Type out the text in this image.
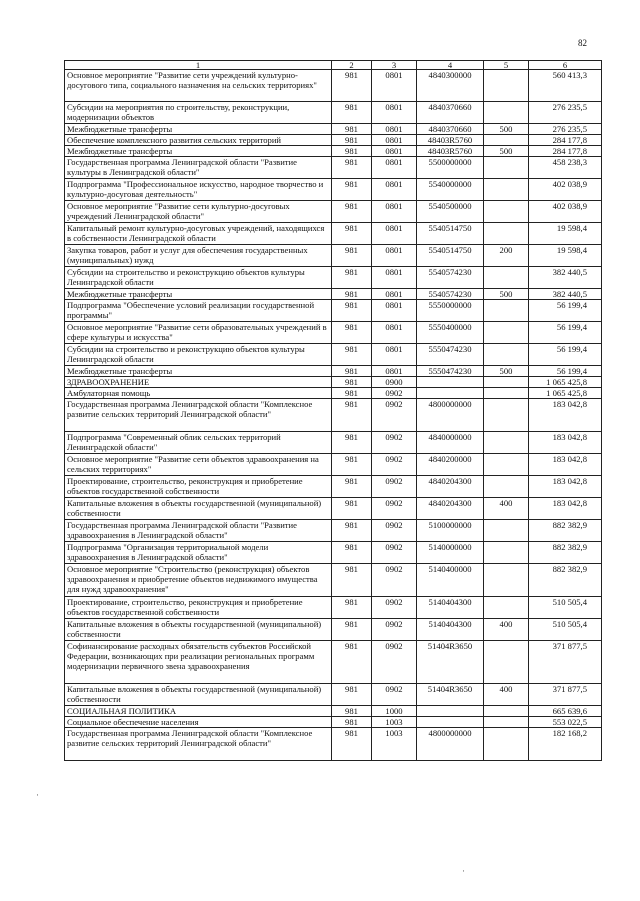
82
1	2	3	4	5	6
Основное мероприятие "Развитие сети учреждений культурно-досугового типа, социального назначения на сельских территориях"	981	0801	4840300000		560 413,3
Субсидии на мероприятия по строительству, реконструкции, модернизации объектов	981	0801	4840370660		276 235,5
Межбюджетные трансферты	981	0801	4840370660	500	276 235,5
Обеспечение комплексного развития сельских территорий	981	0801	48403R5760		284 177,8
Межбюджетные трансферты	981	0801	48403R5760	500	284 177,8
Государственная программа Ленинградской области "Развитие культуры в Ленинградской области"	981	0801	5500000000		458 238,3
Подпрограмма "Профессиональное искусство, народное творчество и культурно-досуговая деятельность"	981	0801	5540000000		402 038,9
Основное мероприятие "Развитие сети культурно-досуговых учреждений Ленинградской области"	981	0801	5540500000		402 038,9
Капитальный ремонт культурно-досуговых учреждений, находящихся в собственности Ленинградской области	981	0801	5540514750		19 598,4
Закупка товаров, работ и услуг для обеспечения государственных (муниципальных) нужд	981	0801	5540514750	200	19 598,4
Субсидии на строительство и реконструкцию объектов культуры Ленинградской области	981	0801	5540574230		382 440,5
Межбюджетные трансферты	981	0801	5540574230	500	382 440,5
Подпрограмма "Обеспечение условий реализации государственной программы"	981	0801	5550000000		56 199,4
Основное мероприятие "Развитие сети образовательных учреждений в сфере культуры и искусства"	981	0801	5550400000		56 199,4
Субсидии на строительство и реконструкцию объектов культуры Ленинградской области	981	0801	5550474230		56 199,4
Межбюджетные трансферты	981	0801	5550474230	500	56 199,4
ЗДРАВООХРАНЕНИЕ	981	0900			1 065 425,8
Амбулаторная помощь	981	0902			1 065 425,8
Государственная программа Ленинградской области "Комплексное развитие сельских территорий Ленинградской области"	981	0902	4800000000		183 042,8
Подпрограмма "Современный облик сельских территорий Ленинградской области"	981	0902	4840000000		183 042,8
Основное мероприятие "Развитие сети объектов здравоохранения на сельских территориях"	981	0902	4840200000		183 042,8
Проектирование, строительство, реконструкция и приобретение объектов государственной собственности	981	0902	4840204300		183 042,8
Капитальные вложения в объекты государственной (муниципальной) собственности	981	0902	4840204300	400	183 042,8
Государственная программа Ленинградской области "Развитие здравоохранения в Ленинградской области"	981	0902	5100000000		882 382,9
Подпрограмма "Организация территориальной модели здравоохранения в Ленинградской области"	981	0902	5140000000		882 382,9
Основное мероприятие "Строительство (реконструкция) объектов здравоохранения и приобретение объектов недвижимого имущества для нужд здравоохранения"	981	0902	5140400000		882 382,9
Проектирование, строительство, реконструкция и приобретение объектов государственной собственности	981	0902	5140404300		510 505,4
Капитальные вложения в объекты государственной (муниципальной) собственности	981	0902	5140404300	400	510 505,4
Софинансирование расходных обязательств субъектов Российской Федерации, возникающих при реализации региональных программ модернизации первичного звена здравоохранения	981	0902	51404R3650		371 877,5
Капитальные вложения в объекты государственной (муниципальной) собственности	981	0902	51404R3650	400	371 877,5
СОЦИАЛЬНАЯ ПОЛИТИКА	981	1000			665 639,6
Социальное обеспечение населения	981	1003			553 022,5
Государственная программа Ленинградской области "Комплексное развитие сельских территорий Ленинградской области"	981	1003	4800000000		182 168,2
·
·
